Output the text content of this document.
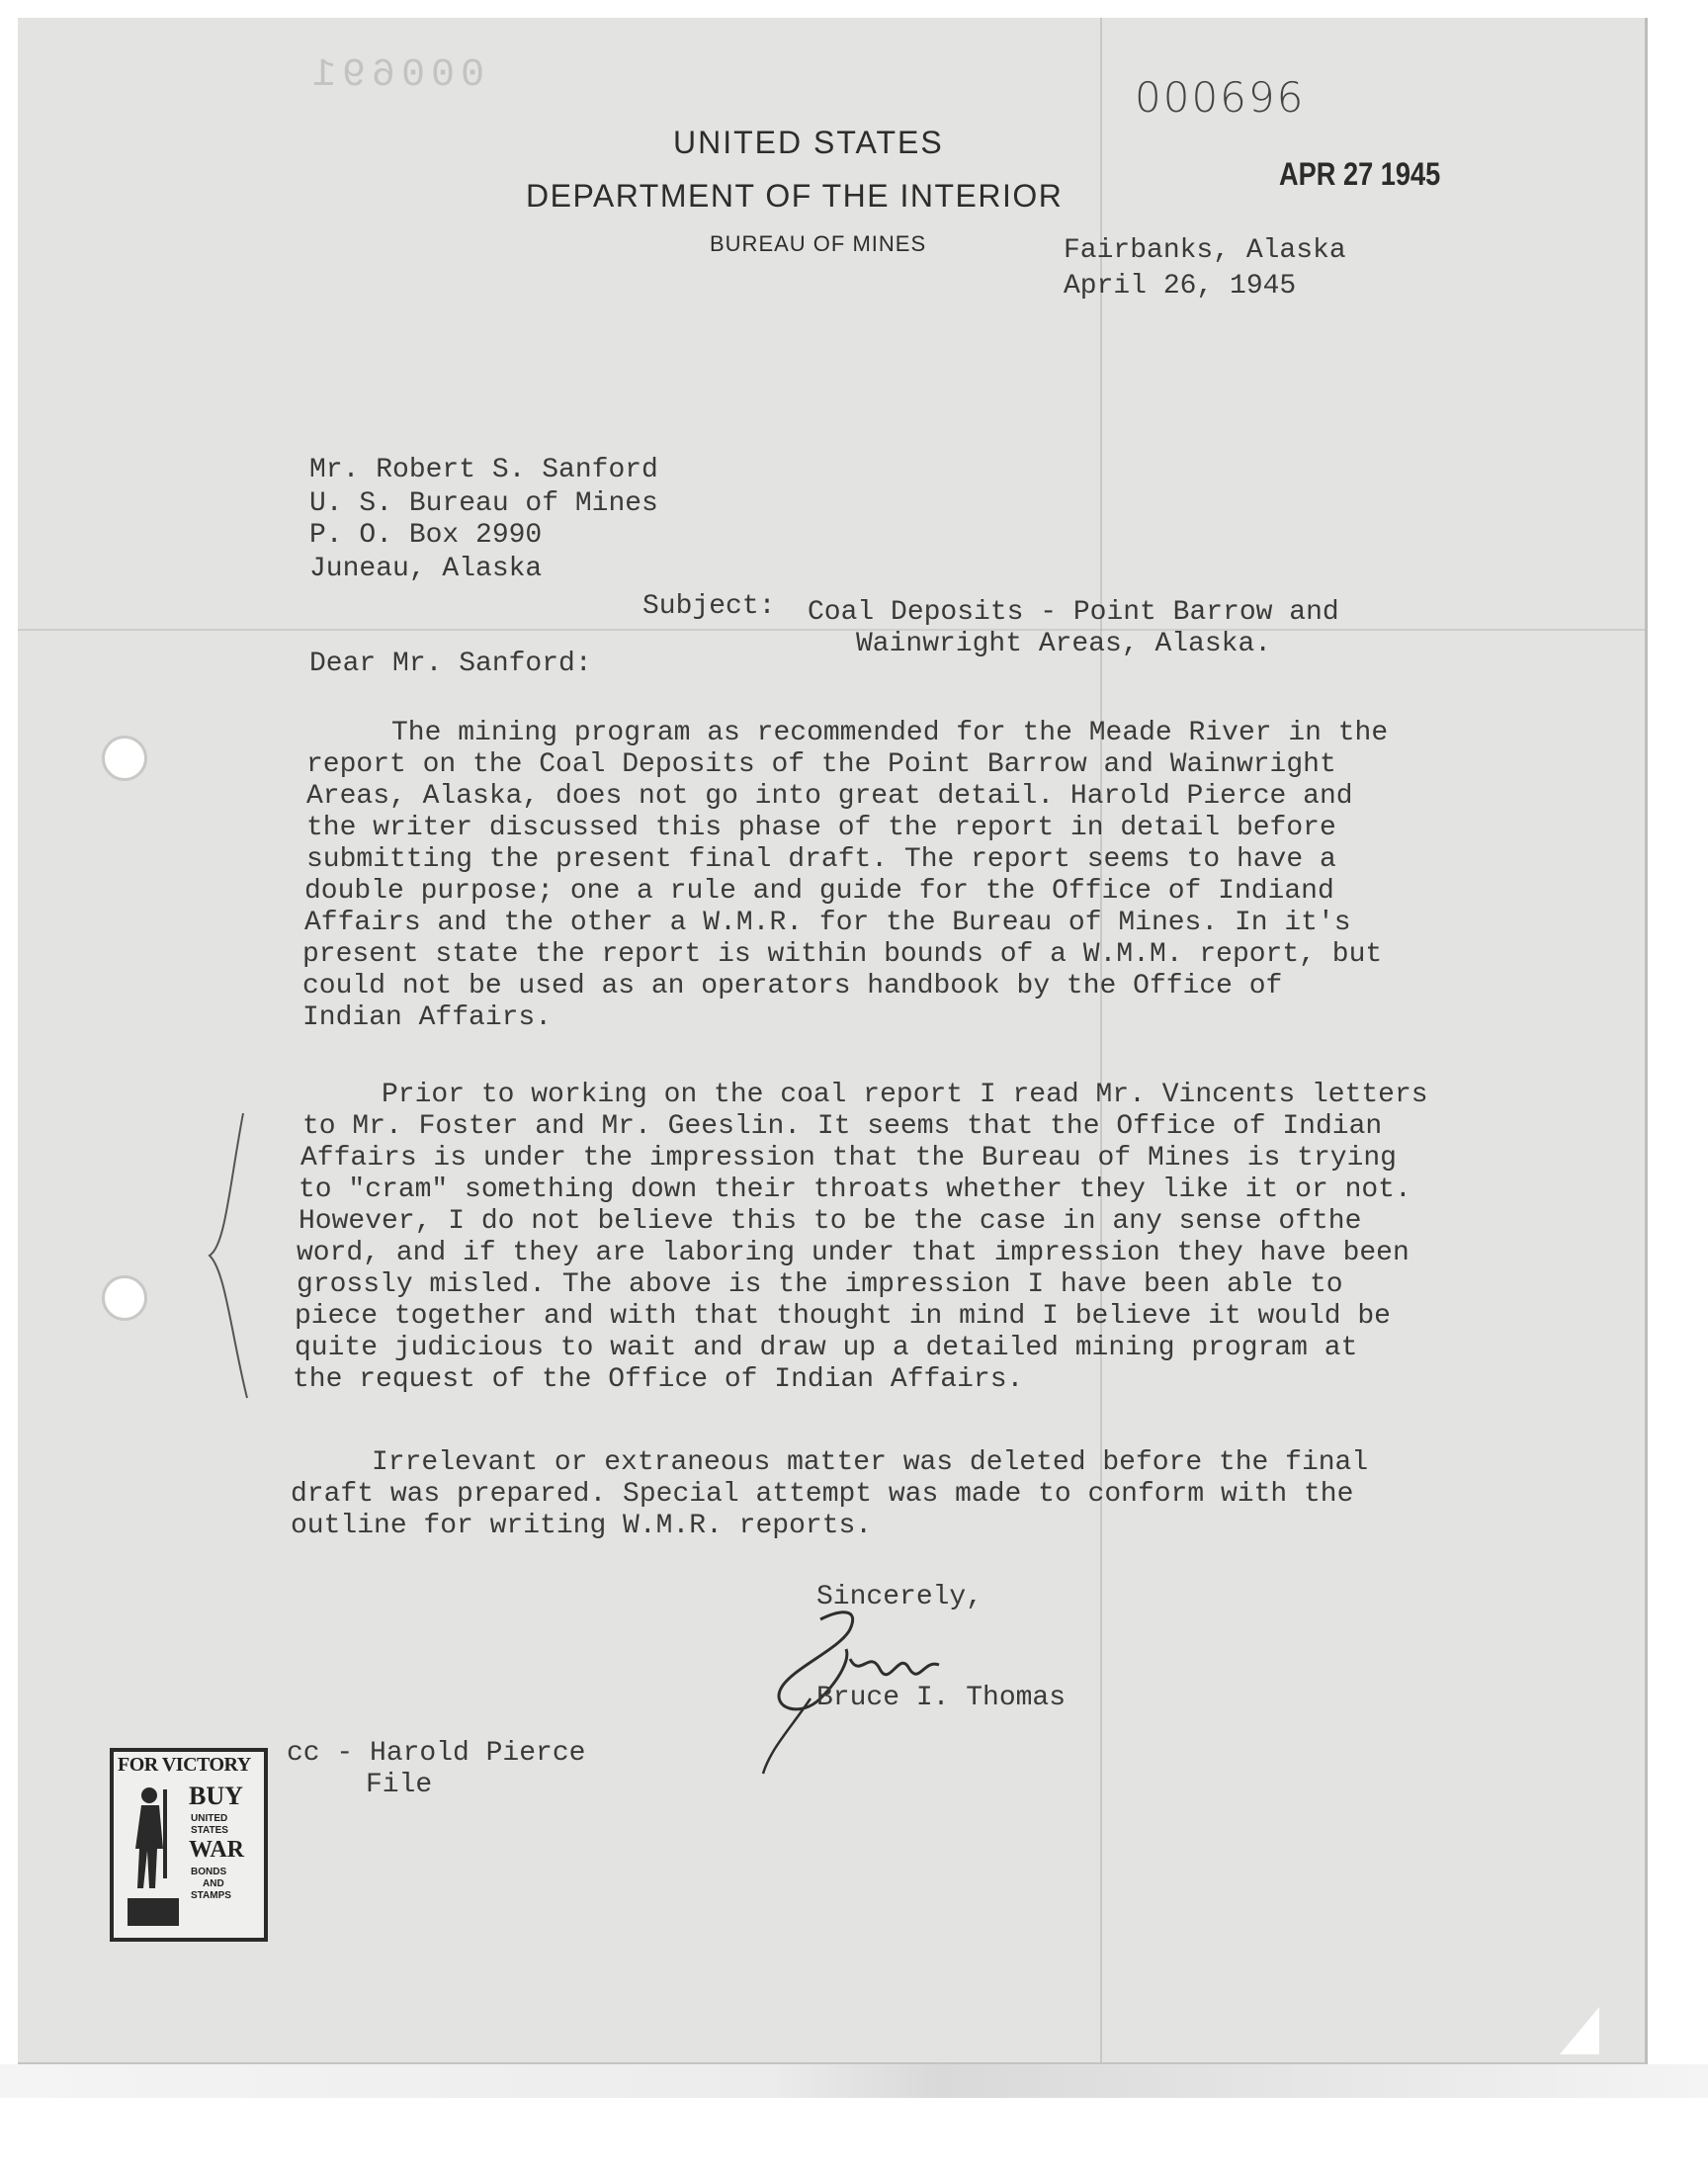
000691	000696
APR 27 1945
UNITED STATES
DEPARTMENT OF THE INTERIOR
BUREAU OF MINES	Fairbanks, Alaska
April 26, 1945
Mr. Robert S. Sanford
U. S. Bureau of Mines
P. O. Box 2990
Juneau, Alaska
Subject: Coal Deposits - Point Barrow and
Wainwright Areas, Alaska.
Dear Mr. Sanford:
The mining program as recommended for the Meade River in the
report on the Coal Deposits of the Point Barrow and Wainwright
Areas, Alaska, does not go into great detail. Harold Pierce and
the writer discussed this phase of the report in detail before
submitting the present final draft. The report seems to have a
double purpose; one a rule and guide for the Office of Indiand
Affairs and the other a W.M.R. for the Bureau of Mines. In it's
present state the report is within bounds of a W.M.M. report, but
could not be used as an operators handbook by the Office of
Indian Affairs.
Prior to working on the coal report I read Mr. Vincents letters
to Mr. Foster and Mr. Geeslin. It seems that the Office of Indian
Affairs is under the impression that the Bureau of Mines is trying
to "cram" something down their throats whether they like it or not.
However, I do not believe this to be the case in any sense ofthe
word, and if they are laboring under that impression they have been
grossly misled. The above is the impression I have been able to
piece together and with that thought in mind I believe it would be
quite judicious to wait and draw up a detailed mining program at
the request of the Office of Indian Affairs.
Irrelevant or extraneous matter was deleted before the final
draft was prepared. Special attempt was made to conform with the
outline for writing W.M.R. reports.
Sincerely,
Bruce I. Thomas
cc - Harold Pierce
File
FOR VICTORY
BUY
UNITED
STATES
WAR
BONDS
AND
STAMPS
